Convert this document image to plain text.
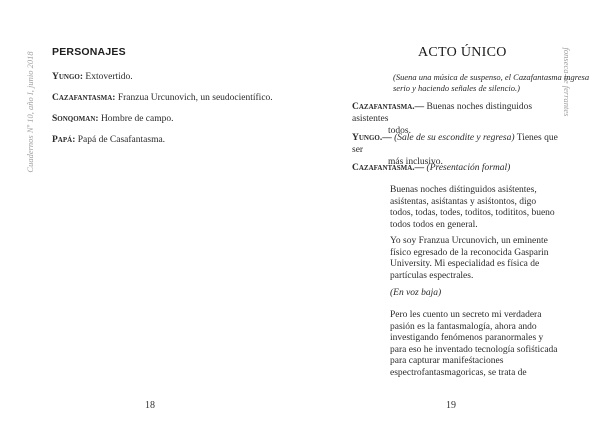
Cuadernos Nº 10, año I, junio 2018 PERSONAJES
Yungo: Extovertido.
Cazafantasma: Franzua Urcunovich, un seudocientífico.
Sonqoman: Hombre de campo.
Papá: Papá de Casafantasma.
18
fonseca de ferrantes
ACTO ÚNICO
(Suena una música de suspenso, el Cazafantasma ingresa serio y haciendo señales de silencio.)
Cazafantasma.— Buenas noches distinguidos asistentes
todos.
Yungo.— (Sale de su escondite y regresa) Tienes que ser
más inclusivo.
Cazafantasma.— (Presentación formal)
Buenas noches diśtinguidos asiśtentes, asiśtentas, asiśtantas y asiśtontos, digo todos, todas, todes, toditos, todititos, bueno todos todos en general.
Yo soy Franzua Urcunovich, un eminente físico egresado de la reconocida Gasparin University. Mi especialidad es física de partículas espectrales.
(En voz baja)
Pero les cuento un secreto mi verdadera pasión es la fantasmalogía, ahora ando investigando fenómenos paranormales y para eso he inventado tecnología sofiśticada para capturar manifeśtaciones espectrofantasmagoricas, se trata de
19
